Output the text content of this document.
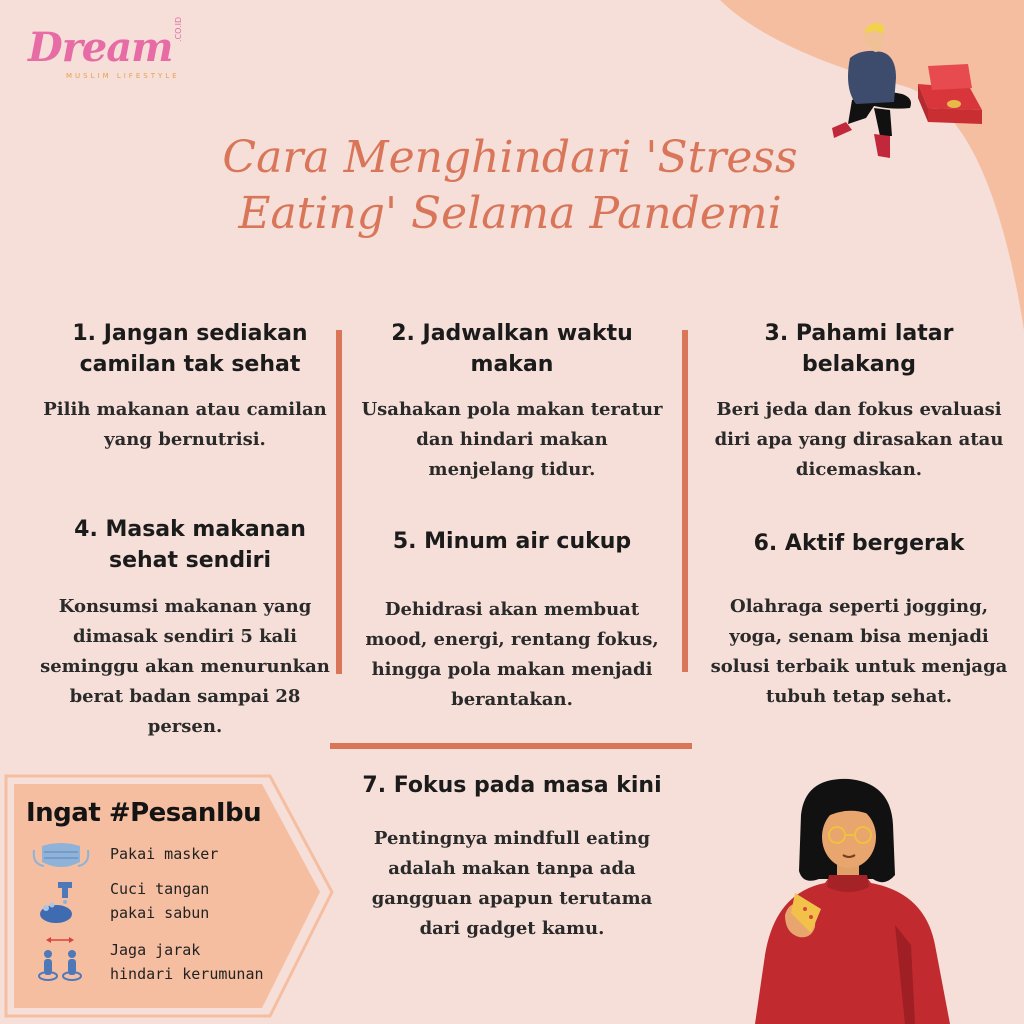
Dream .CO.ID
MUSLIM LIFESTYLE
Cara Menghindari 'Stress
Eating' Selama Pandemi
1. Jangan sediakan
camilan tak sehat
Pilih makanan atau camilan
yang bernutrisi.
2. Jadwalkan waktu
makan
Usahakan pola makan teratur
dan hindari makan
menjelang tidur.
3. Pahami latar
belakang
Beri jeda dan fokus evaluasi
diri apa yang dirasakan atau
dicemaskan.
4. Masak makanan
sehat sendiri
Konsumsi makanan yang
dimasak sendiri 5 kali
seminggu akan menurunkan
berat badan sampai 28
persen.
5. Minum air cukup
Dehidrasi akan membuat
mood, energi, rentang fokus,
hingga pola makan menjadi
berantakan.
6. Aktif bergerak
Olahraga seperti jogging,
yoga, senam bisa menjadi
solusi terbaik untuk menjaga
tubuh tetap sehat.
7. Fokus pada masa kini
Pentingnya mindfull eating
adalah makan tanpa ada
gangguan apapun terutama
dari gadget kamu.
Ingat #PesanIbu
Pakai masker
Cuci tangan
pakai sabun
Jaga jarak
hindari kerumunan
